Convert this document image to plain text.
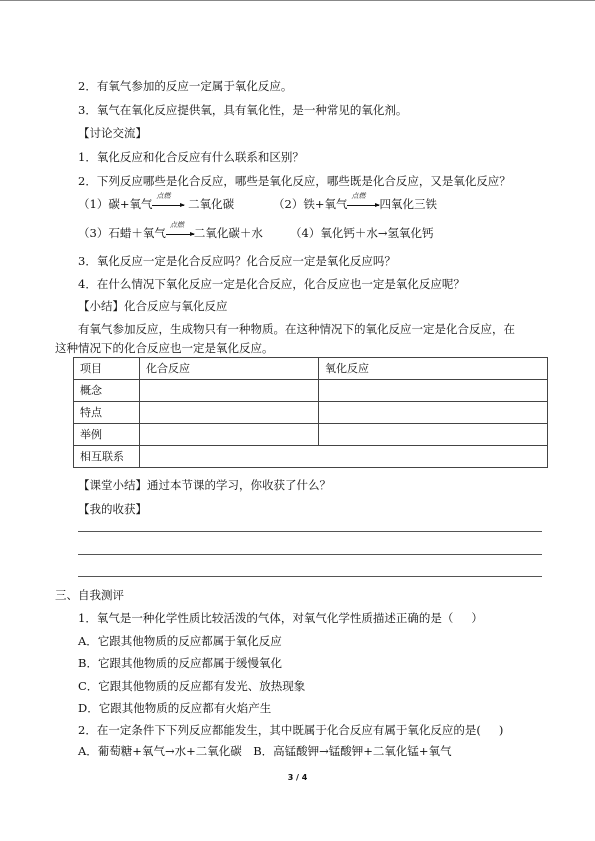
2．有氧气参加的反应一定属于氧化反应。
3．氧气在氧化反应提供氧，具有氧化性，是一种常见的氧化剂。
【讨论交流】
1．氧化反应和化合反应有什么联系和区别？
2．下列反应哪些是化合反应，哪些是氧化反应，哪些既是化合反应，又是氧化反应？
（1）碳+氧气
点燃
二氧化碳	（2）铁+氧气
点燃
四氧化三铁
（3）石蜡＋氧气
点燃
二氧化碳＋水 （4）氧化钙＋水→氢氧化钙
3．氧化反应一定是化合反应吗？化合反应一定是氧化反应吗？
4．在什么情况下氧化反应一定是化合反应，化合反应也一定是氧化反应呢？
【小结】化合反应与氧化反应
有氧气参加反应，生成物只有一种物质。在这种情况下的氧化反应一定是化合反应，在
这种情况下的化合反应也一定是氧化反应。
项目	化合反应	氧化反应
概念		
特点		
举例		
相互联系		
【课堂小结】通过本节课的学习，你收获了什么？
【我的收获】
三、自我测评
1．氧气是一种化学性质比较活泼的气体，对氧气化学性质描述正确的是（ ）
A．它跟其他物质的反应都属于氧化反应
B．它跟其他物质的反应都属于缓慢氧化
C．它跟其他物质的反应都有发光、放热现象
D．它跟其他物质的反应都有火焰产生
2．在一定条件下下列反应都能发生，其中既属于化合反应有属于氧化反应的是( )
A．葡萄糖+氧气→水+二氧化碳　B．高锰酸钾→锰酸钾+二氧化锰+氧气
3 / 4
